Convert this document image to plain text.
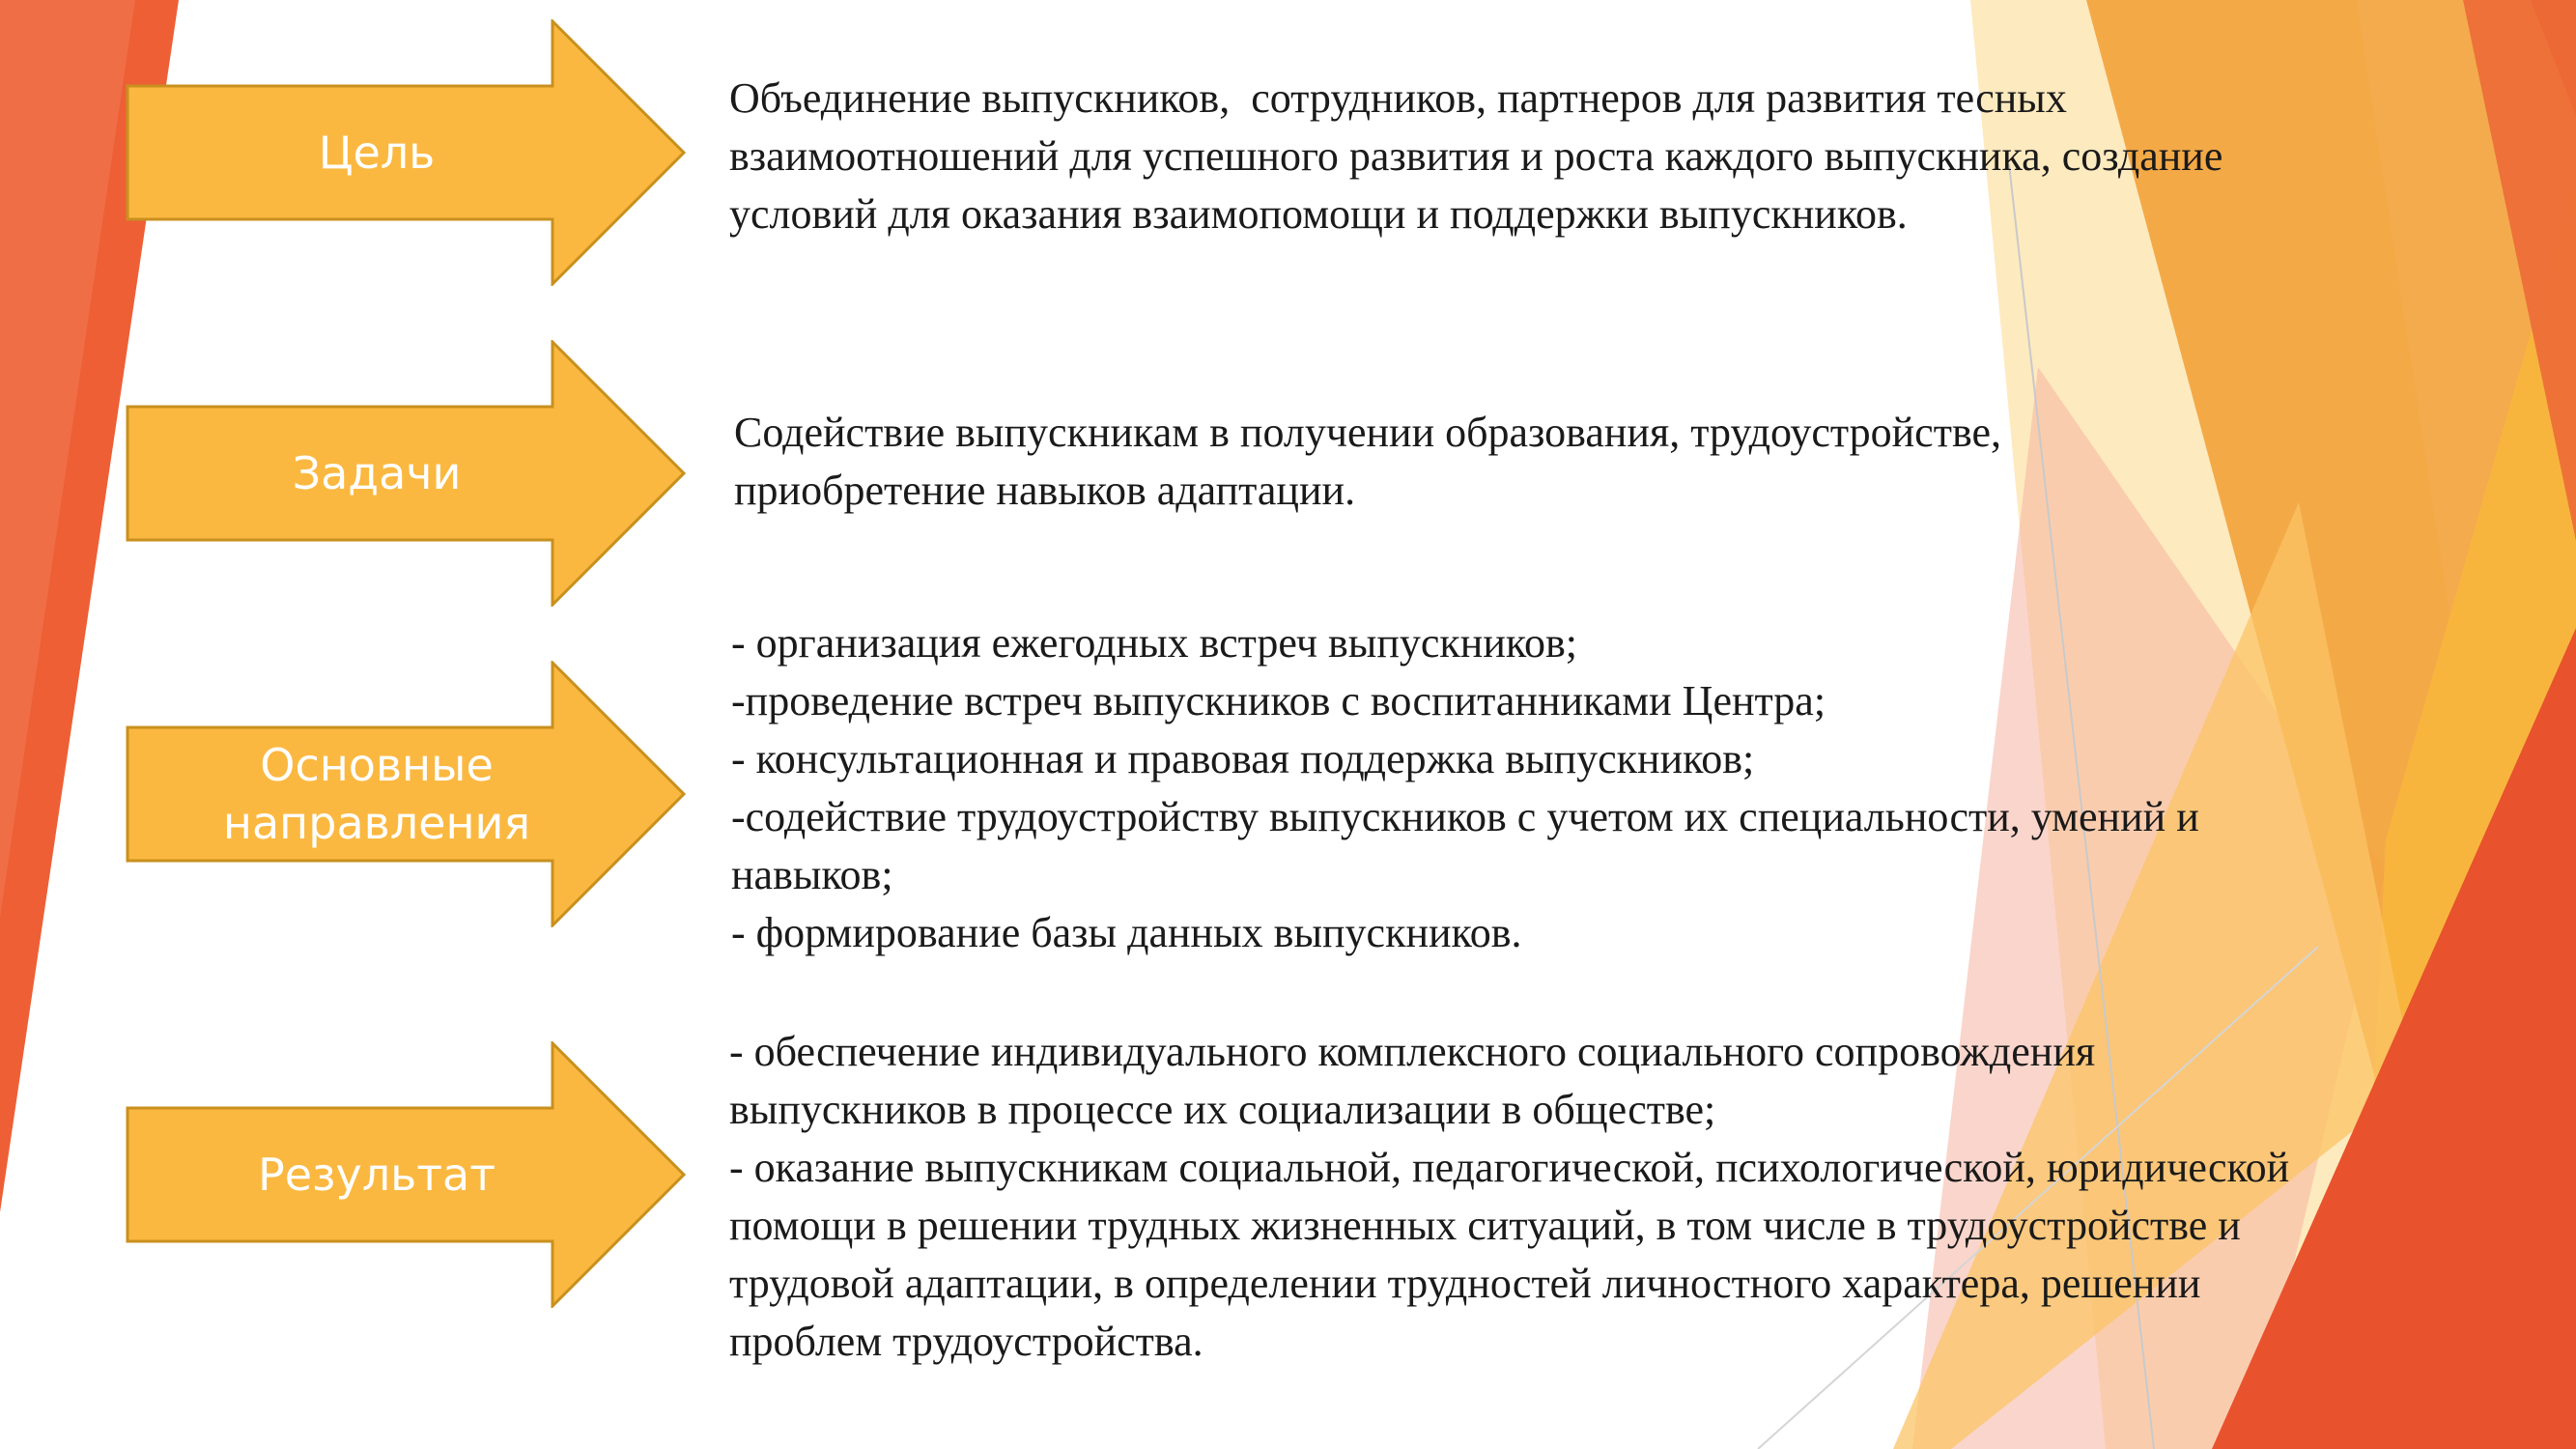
Цель
Задачи
Основные направления
Результат
Объединение выпускников,  сотрудников, партнеров для развития тесных
взаимоотношений для успешного развития и роста каждого выпускника, создание
условий для оказания взаимопомощи и поддержки выпускников.
Содействие выпускникам в получении образования, трудоустройстве,
приобретение навыков адаптации.
- организация ежегодных встреч выпускников;
-проведение встреч выпускников с воспитанниками Центра;
- консультационная и правовая поддержка выпускников;
-содействие трудоустройству выпускников с учетом их специальности, умений и
навыков;
- формирование базы данных выпускников.
- обеспечение индивидуального комплексного социального сопровождения
выпускников в процессе их социализации в обществе;
- оказание выпускникам социальной, педагогической, психологической, юридической
помощи в решении трудных жизненных ситуаций, в том числе в трудоустройстве и
трудовой адаптации, в определении трудностей личностного характера, решении
проблем трудоустройства.
